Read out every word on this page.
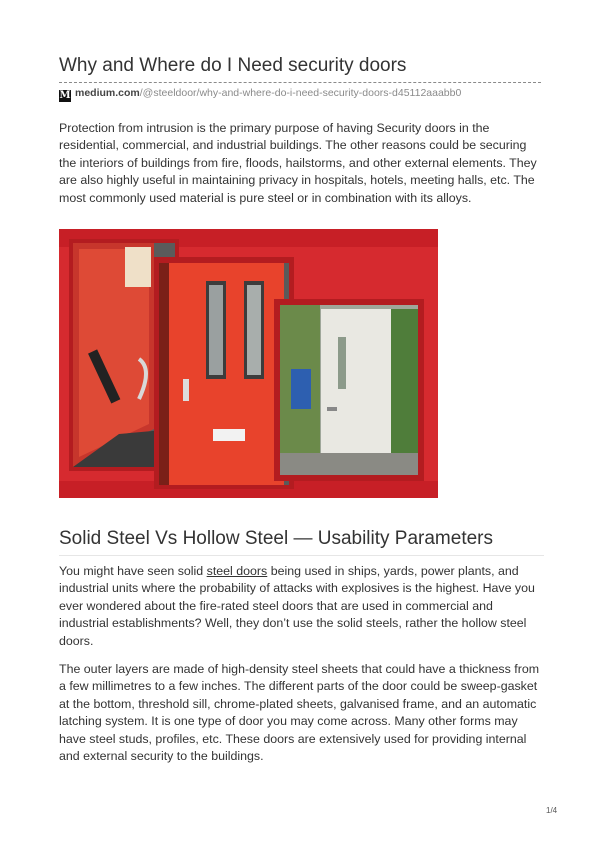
Why and Where do I Need security doors
M medium.com/@steeldoor/why-and-where-do-i-need-security-doors-d45112aaabb0

Protection from intrusion is the primary purpose of having Security doors in the residential, commercial, and industrial buildings. The other reasons could be securing the interiors of buildings from fire, floods, hailstorms, and other external elements. They are also highly useful in maintaining privacy in hospitals, hotels, meeting halls, etc. The most commonly used material is pure steel or in combination with its alloys.

Solid Steel Vs Hollow Steel — Usability Parameters

You might have seen solid steel doors being used in ships, yards, power plants, and industrial units where the probability of attacks with explosives is the highest. Have you ever wondered about the fire-rated steel doors that are used in commercial and industrial establishments? Well, they don’t use the solid steels, rather the hollow steel doors.

The outer layers are made of high-density steel sheets that could have a thickness from a few millimetres to a few inches. The different parts of the door could be sweep-gasket at the bottom, threshold sill, chrome-plated sheets, galvanised frame, and an automatic latching system. It is one type of door you may come across. Many other forms may have steel studs, profiles, etc. These doors are extensively used for providing internal and external security to the buildings.

1/4
